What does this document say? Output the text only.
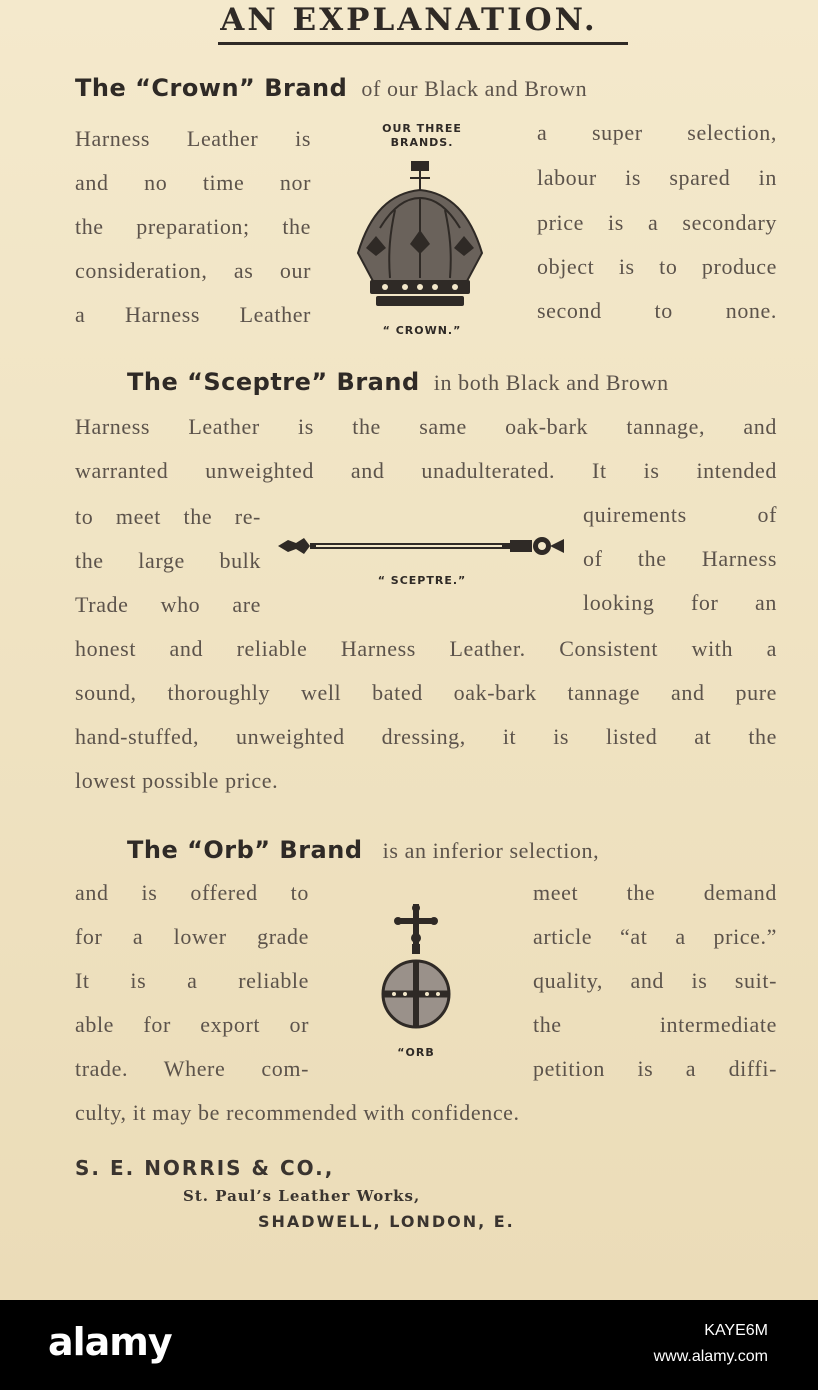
AN EXPLANATION.
The “Crown” Brand of our Black and Brown
Harness Leather is
and no time nor
the preparation; the
consideration, as our
a Harness Leather
a super selection,
labour is spared in
price is a secondary
object is to produce
second to none.
OUR THREE BRANDS.
“ CROWN.”
The “Sceptre” Brand in both Black and Brown
Harness Leather is the same oak-bark tannage, and
warranted unweighted and unadulterated. It is intended
to meet the re-
the large bulk
Trade who are
quirements of
of the Harness
looking for an
“ SCEPTRE.”
honest and reliable Harness Leather. Consistent with a
sound, thoroughly well bated oak-bark tannage and pure
hand-stuffed, unweighted dressing, it is listed at the
lowest possible price.
The “Orb” Brand is an inferior selection,
and is offered to
for a lower grade
It is a reliable
able for export or
trade. Where com-
meet the demand
article “at a price.”
quality, and is suit-
the intermediate
petition is a diffi-
“ORB
culty, it may be recommended with confidence.
S. E. NORRIS & CO.,
St. Paul’s Leather Works,
SHADWELL, LONDON, E.
alamy	KAYE6M
www.alamy.com
